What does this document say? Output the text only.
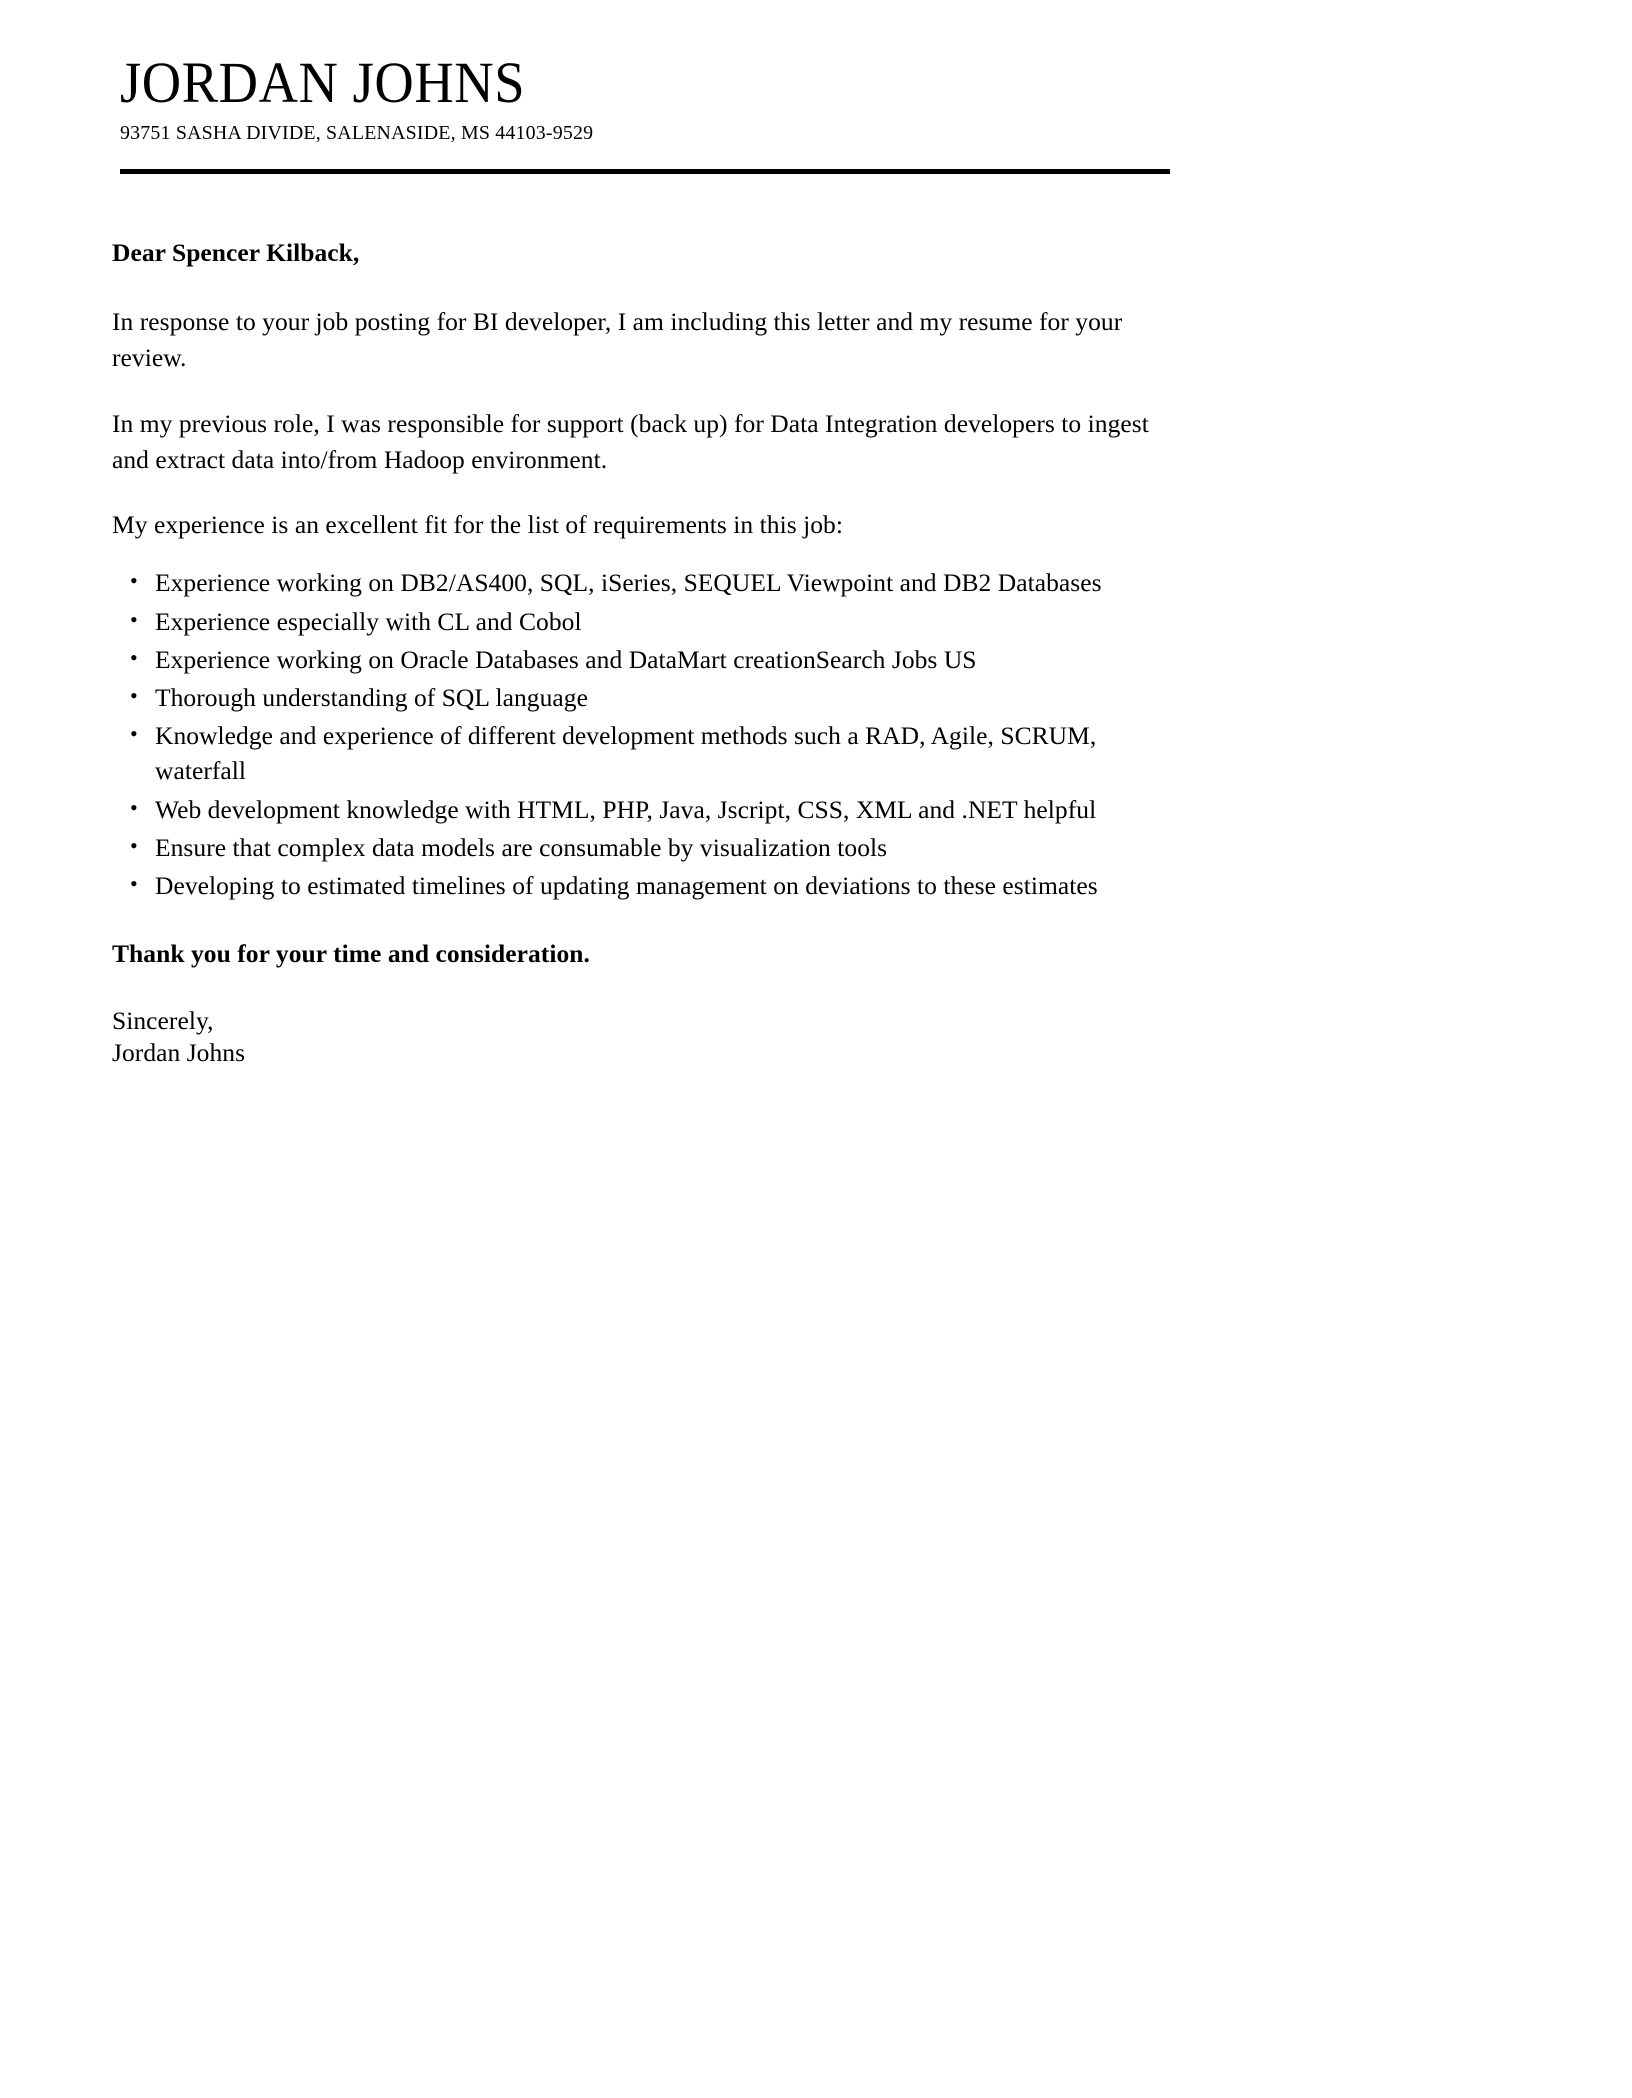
JORDAN JOHNS
93751 SASHA DIVIDE, SALENASIDE, MS 44103-9529

Dear Spencer Kilback,

In response to your job posting for BI developer, I am including this letter and my resume for your review.

In my previous role, I was responsible for support (back up) for Data Integration developers to ingest and extract data into/from Hadoop environment.

My experience is an excellent fit for the list of requirements in this job:

• Experience working on DB2/AS400, SQL, iSeries, SEQUEL Viewpoint and DB2 Databases
• Experience especially with CL and Cobol
• Experience working on Oracle Databases and DataMart creationSearch Jobs US
• Thorough understanding of SQL language
• Knowledge and experience of different development methods such a RAD, Agile, SCRUM, waterfall
• Web development knowledge with HTML, PHP, Java, Jscript, CSS, XML and .NET helpful
• Ensure that complex data models are consumable by visualization tools
• Developing to estimated timelines of updating management on deviations to these estimates

Thank you for your time and consideration.

Sincerely,
Jordan Johns
